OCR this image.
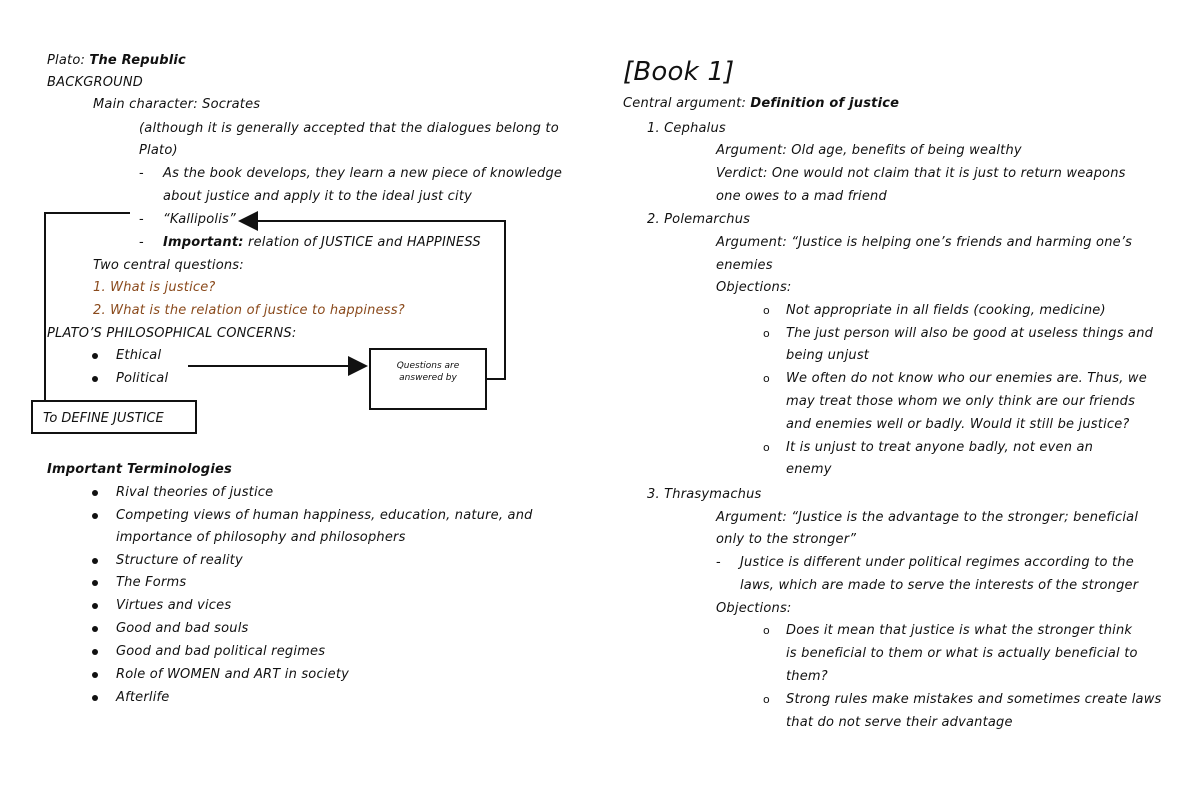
Plato: The Republic
BACKGROUND
Main character: Socrates
(although it is generally accepted that the dialogues belong to
Plato)
- As the book develops, they learn a new piece of knowledge
about justice and apply it to the ideal just city
- “Kallipolis”
- Important: relation of JUSTICE and HAPPINESS
Two central questions:
1. What is justice?
2. What is the relation of justice to happiness?
PLATO’S PHILOSOPHICAL CONCERNS:
Ethical
Political
Questions are answered by
To DEFINE JUSTICE
Important Terminologies
Rival theories of justice
Competing views of human happiness, education, nature, and
importance of philosophy and philosophers
Structure of reality
The Forms
Virtues and vices
Good and bad souls
Good and bad political regimes
Role of WOMEN and ART in society
Afterlife
[Book 1]
Central argument: Definition of justice
1. Cephalus
Argument: Old age, benefits of being wealthy
Verdict: One would not claim that it is just to return weapons
one owes to a mad friend
2. Polemarchus
Argument: “Justice is helping one’s friends and harming one’s
enemies
Objections:
o Not appropriate in all fields (cooking, medicine)
o The just person will also be good at useless things and
being unjust
o We often do not know who our enemies are. Thus, we
may treat those whom we only think are our friends
and enemies well or badly. Would it still be justice?
o It is unjust to treat anyone badly, not even an
enemy
3. Thrasymachus
Argument: “Justice is the advantage to the stronger; beneficial
only to the stronger”
- Justice is different under political regimes according to the
laws, which are made to serve the interests of the stronger
Objections:
o Does it mean that justice is what the stronger think
is beneficial to them or what is actually beneficial to
them?
o Strong rules make mistakes and sometimes create laws
that do not serve their advantage
